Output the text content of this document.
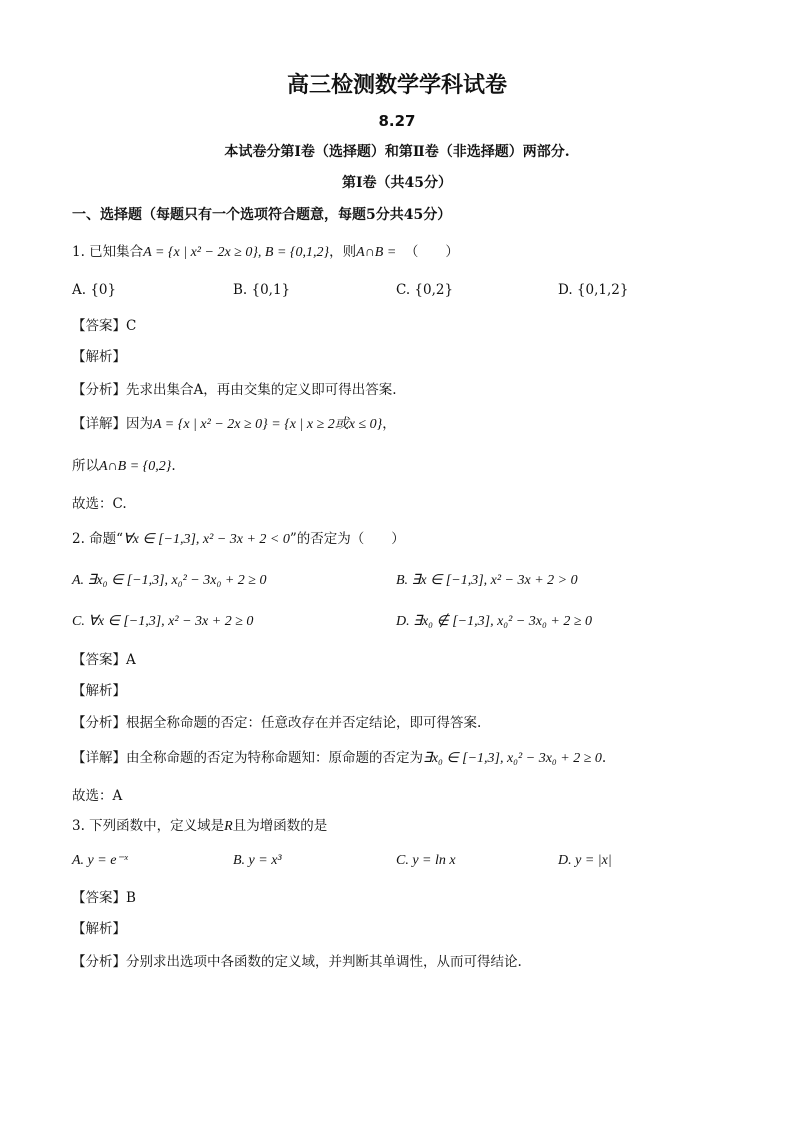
高三检测数学学科试卷
8.27
本试卷分第Ⅰ卷（选择题）和第Ⅱ卷（非选择题）两部分.
第Ⅰ卷（共45分）
一、选择题（每题只有一个选项符合题意，每题5分共45分）
1. 已知集合A = {x | x² − 2x ≥ 0}, B = {0,1,2}，则A∩B = （　　）
A. {0}	B. {0,1}	C. {0,2}	D. {0,1,2}
【答案】C
【解析】
【分析】先求出集合A，再由交集的定义即可得出答案.
【详解】因为A = {x | x² − 2x ≥ 0} = {x | x ≥ 2或x ≤ 0}，
所以A∩B = {0,2}.
故选：C.
2. 命题“∀x ∈ [−1,3], x² − 3x + 2 < 0”的否定为（　　）
A. ∃x₀ ∈ [−1,3], x₀² − 3x₀ + 2 ≥ 0	B. ∃x ∈ [−1,3], x² − 3x + 2 > 0
C. ∀x ∈ [−1,3], x² − 3x + 2 ≥ 0	D. ∃x₀ ∉ [−1,3], x₀² − 3x₀ + 2 ≥ 0
【答案】A
【解析】
【分析】根据全称命题的否定：任意改存在并否定结论，即可得答案.
【详解】由全称命题的否定为特称命题知：原命题的否定为∃x₀ ∈ [−1,3], x₀² − 3x₀ + 2 ≥ 0.
故选：A
3. 下列函数中，定义域是R且为增函数的是
A. y = e⁻ˣ	B. y = x³	C. y = ln x	D. y = |x|
【答案】B
【解析】
【分析】分别求出选项中各函数的定义域，并判断其单调性，从而可得结论.
